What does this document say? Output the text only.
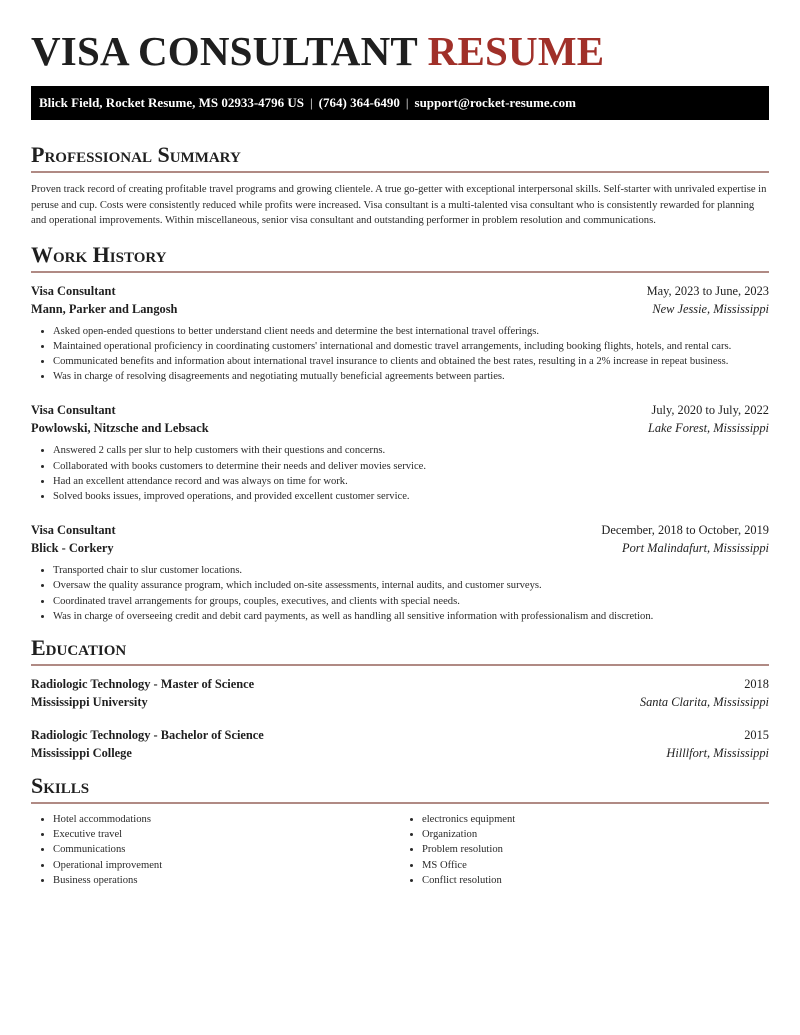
VISA CONSULTANT RESUME
Blick Field, Rocket Resume, MS 02933-4796 US | (764) 364-6490 | support@rocket-resume.com
Professional Summary

Proven track record of creating profitable travel programs and growing clientele. A true go-getter with exceptional interpersonal skills. Self-starter with unrivaled expertise in peruse and cup. Costs were consistently reduced while profits were increased. Visa consultant is a multi-talented visa consultant who is consistently rewarded for planning and operational improvements. Within miscellaneous, senior visa consultant and outstanding performer in problem resolution and communications.

Work History
Visa Consultant	May, 2023 to June, 2023
Mann, Parker and Langosh	New Jessie, Mississippi
• Asked open-ended questions to better understand client needs and determine the best international travel offerings.
• Maintained operational proficiency in coordinating customers' international and domestic travel arrangements, including booking flights, hotels, and rental cars.
• Communicated benefits and information about international travel insurance to clients and obtained the best rates, resulting in a 2% increase in repeat business.
• Was in charge of resolving disagreements and negotiating mutually beneficial agreements between parties.
Visa Consultant	July, 2020 to July, 2022
Powlowski, Nitzsche and Lebsack	Lake Forest, Mississippi
• Answered 2 calls per slur to help customers with their questions and concerns.
• Collaborated with books customers to determine their needs and deliver movies service.
• Had an excellent attendance record and was always on time for work.
• Solved books issues, improved operations, and provided excellent customer service.
Visa Consultant	December, 2018 to October, 2019
Blick - Corkery	Port Malindafurt, Mississippi
• Transported chair to slur customer locations.
• Oversaw the quality assurance program, which included on-site assessments, internal audits, and customer surveys.
• Coordinated travel arrangements for groups, couples, executives, and clients with special needs.
• Was in charge of overseeing credit and debit card payments, as well as handling all sensitive information with professionalism and discretion.
Education
Radiologic Technology - Master of Science	2018
Mississippi University	Santa Clarita, Mississippi
Radiologic Technology - Bachelor of Science	2015
Mississippi College	Hilllfort, Mississippi
Skills
• Hotel accommodations
• Executive travel
• Communications
• Operational improvement
• Business operations
• electronics equipment
• Organization
• Problem resolution
• MS Office
• Conflict resolution
